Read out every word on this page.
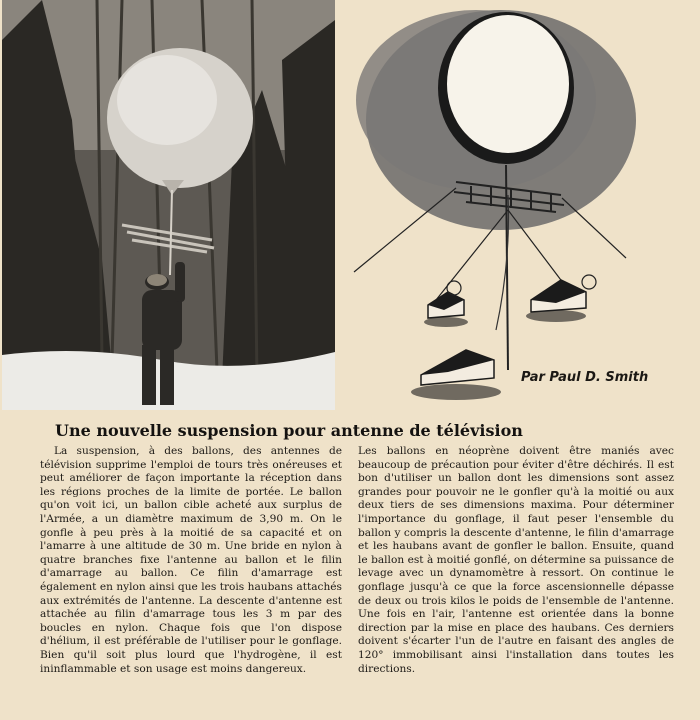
Par Paul D. Smith
Une nouvelle suspension pour antenne de télévision

La suspension, à des ballons, des antennes de télévision supprime l'emploi de tours très onéreuses et peut améliorer de façon importante la réception dans les régions proches de la limite de portée. Le ballon qu'on voit ici, un ballon cible acheté aux surplus de l'Armée, a un diamètre maximum de 3,90 m. On le gonfle à peu près à la moitié de sa capacité et on l'amarre à une altitude de 30 m. Une bride en nylon à quatre branches fixe l'antenne au ballon et le filin d'amarrage au ballon. Ce filin d'amarrage est également en nylon ainsi que les trois haubans attachés aux extrémités de l'antenne. La descente d'antenne est attachée au filin d'amarrage tous les 3 m par des boucles en nylon. Chaque fois que l'on dispose d'hélium, il est préférable de l'utiliser pour le gonflage. Bien qu'il soit plus lourd que l'hydrogène, il est ininflammable et son usage est moins dangereux.

Les ballons en néoprène doivent être maniés avec beaucoup de précaution pour éviter d'être déchirés. Il est bon d'utiliser un ballon dont les dimensions sont assez grandes pour pouvoir ne le gonfler qu'à la moitié ou aux deux tiers de ses dimensions maxima. Pour déterminer l'importance du gonflage, il faut peser l'ensemble du ballon y compris la descente d'antenne, le filin d'amarrage et les haubans avant de gonfler le ballon. Ensuite, quand le ballon est à moitié gonflé, on détermine sa puissance de levage avec un dynamomètre à ressort. On continue le gonflage jusqu'à ce que la force ascensionnelle dépasse de deux ou trois kilos le poids de l'ensemble de l'antenne. Une fois en l'air, l'antenne est orientée dans la bonne direction par la mise en place des haubans. Ces derniers doivent s'écarter l'un de l'autre en faisant des angles de 120° immobilisant ainsi l'installation dans toutes les directions.
